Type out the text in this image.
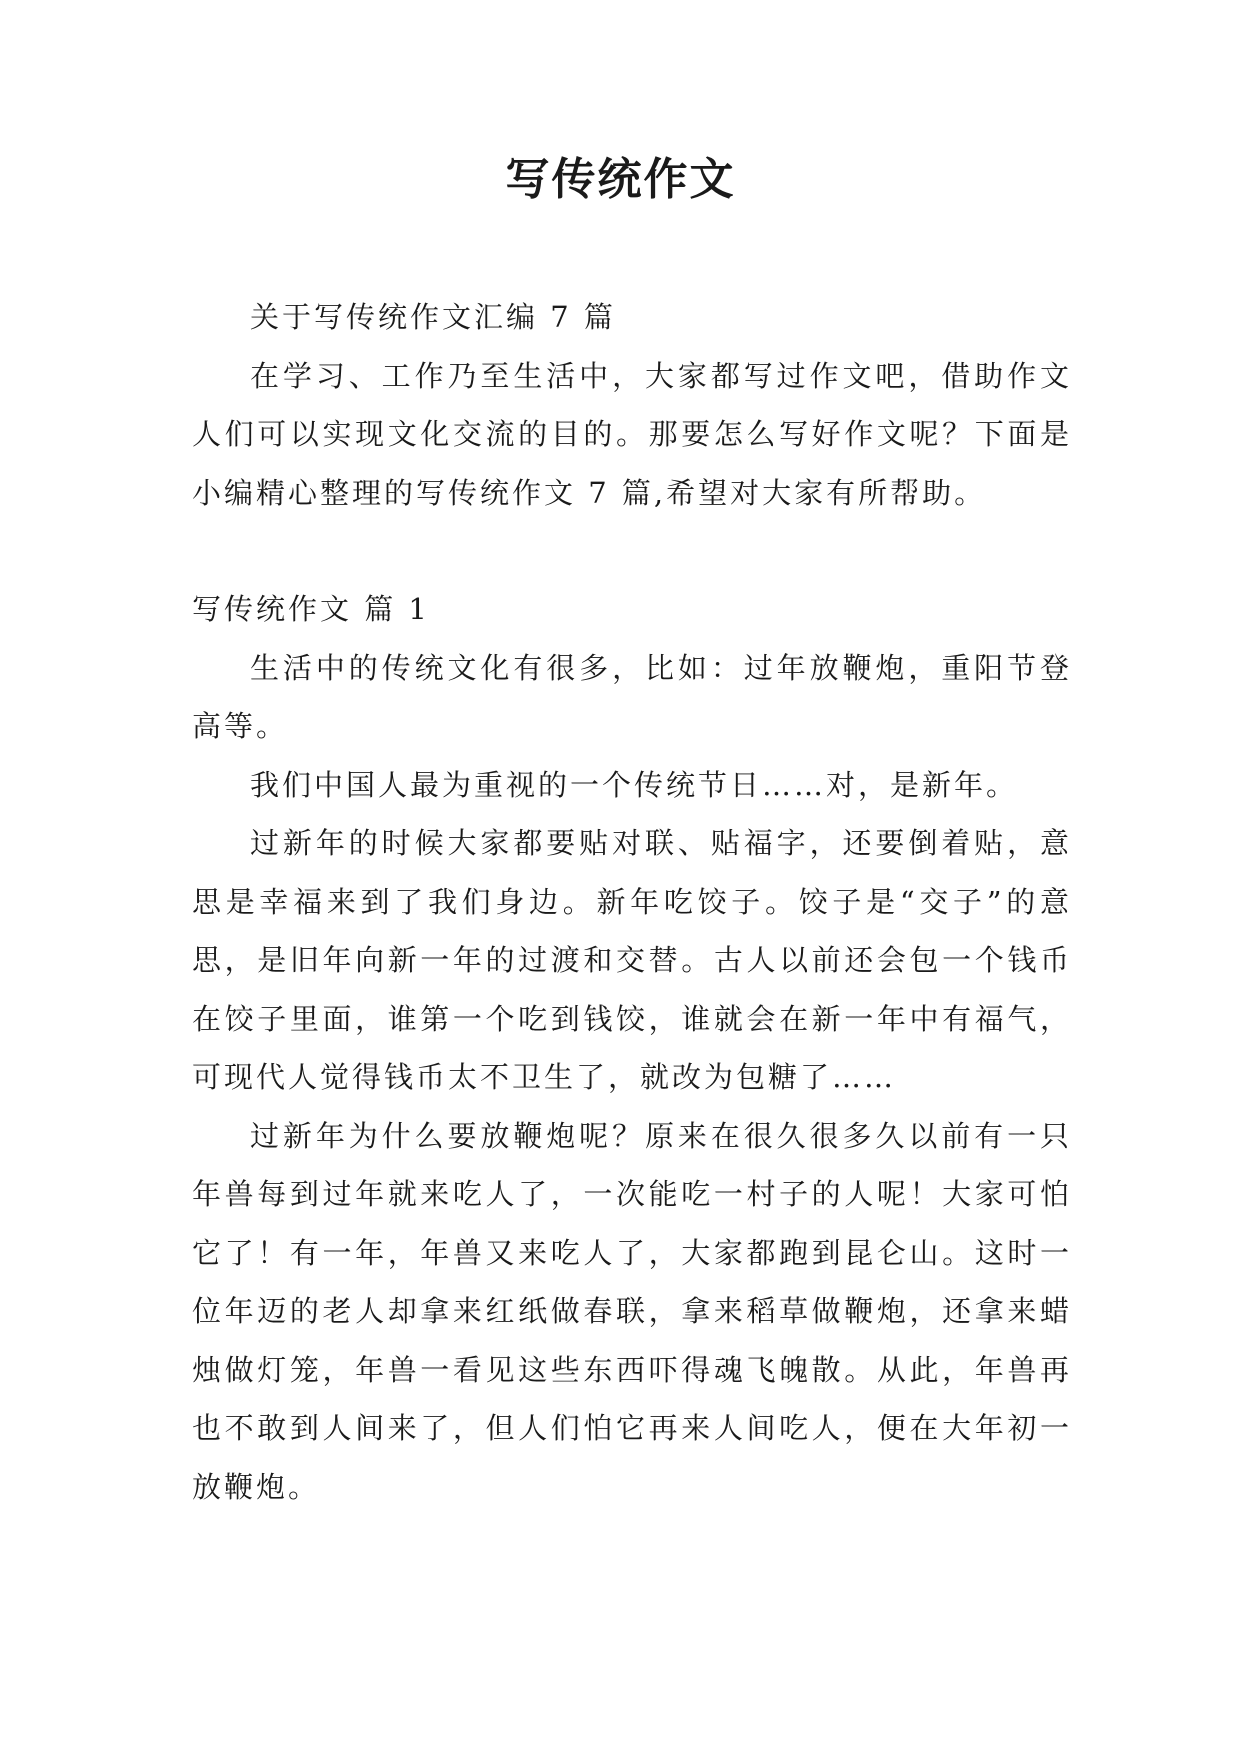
写传统作文

关于写传统作文汇编 7 篇

在学习、工作乃至生活中，大家都写过作文吧，借助作文人们可以实现文化交流的目的。那要怎么写好作文呢？下面是小编精心整理的写传统作文 7 篇,希望对大家有所帮助。

写传统作文 篇 1

生活中的传统文化有很多，比如：过年放鞭炮，重阳节登高等。

我们中国人最为重视的一个传统节日……对，是新年。

过新年的时候大家都要贴对联、贴福字，还要倒着贴，意思是幸福来到了我们身边。新年吃饺子。饺子是“交子”的意思，是旧年向新一年的过渡和交替。古人以前还会包一个钱币在饺子里面，谁第一个吃到钱饺，谁就会在新一年中有福气，可现代人觉得钱币太不卫生了，就改为包糖了……

过新年为什么要放鞭炮呢？原来在很久很多久以前有一只年兽每到过年就来吃人了，一次能吃一村子的人呢！大家可怕它了！有一年，年兽又来吃人了，大家都跑到昆仑山。这时一位年迈的老人却拿来红纸做春联，拿来稻草做鞭炮，还拿来蜡烛做灯笼，年兽一看见这些东西吓得魂飞魄散。从此，年兽再也不敢到人间来了，但人们怕它再来人间吃人，便在大年初一放鞭炮。
